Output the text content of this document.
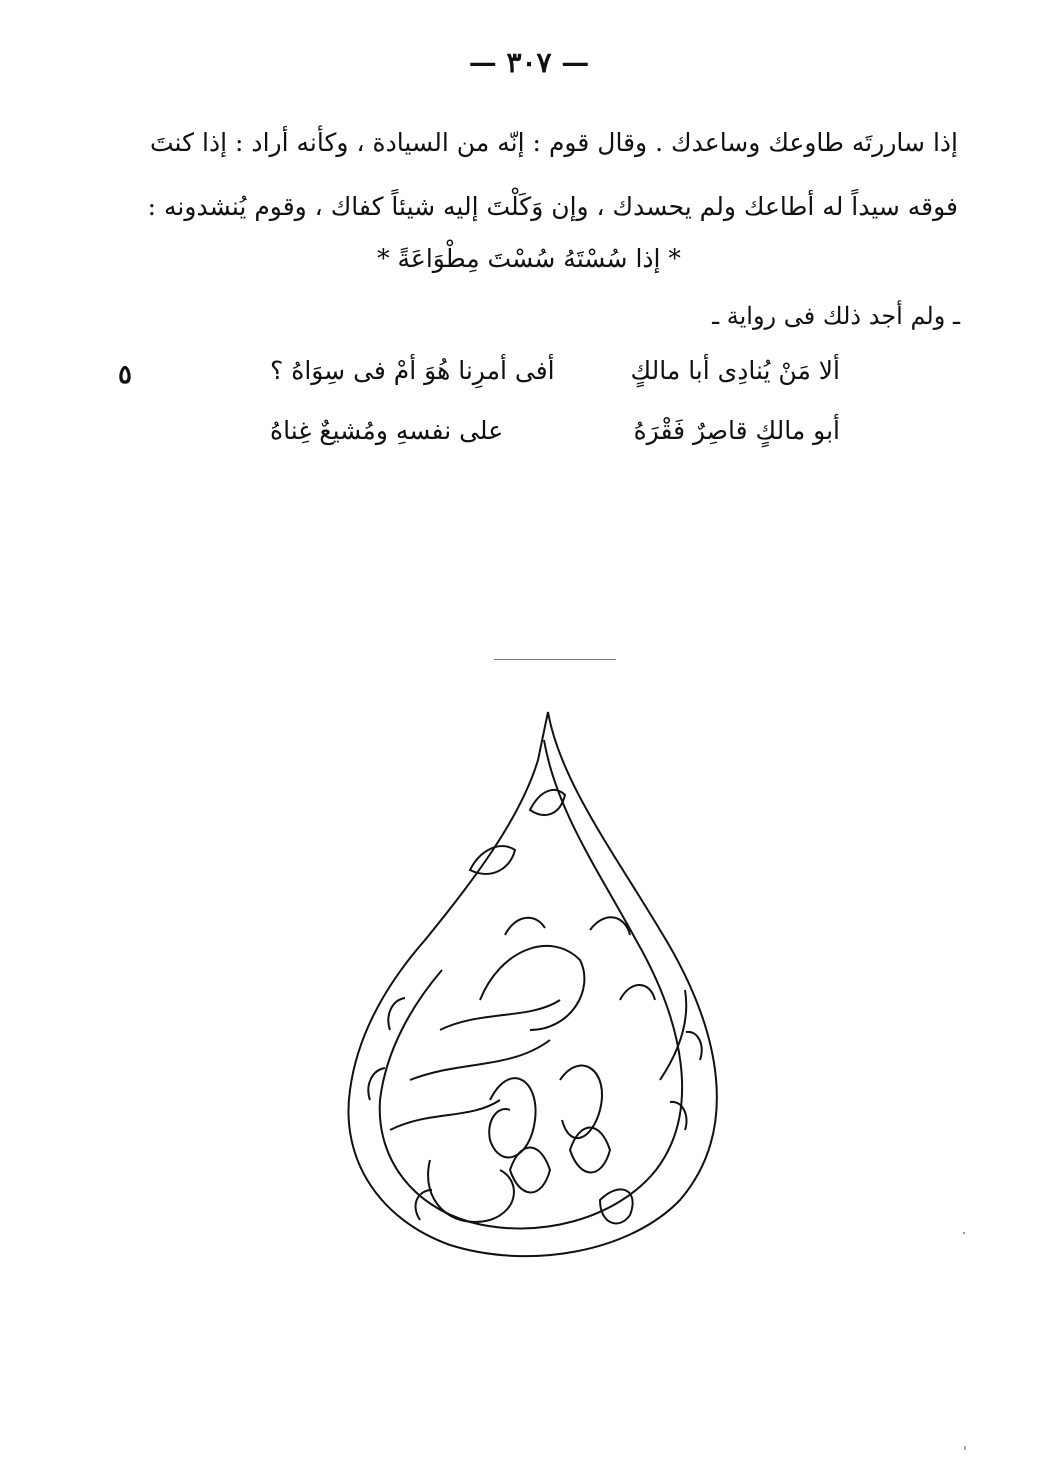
— ٣٠٧ —
إذا ساررتَه طاوعك وساعدك . وقال قوم : إنّه من السيادة ، وكأنه أراد : إذا كنتَ
فوقه سيداً له أطاعك ولم يحسدك ، وإن وَكَلْتَ إليه شيئاً كفاك ، وقوم يُنشدونه :
* إذا سُسْتَهُ سُسْتَ مِطْوَاعَةً *
ـ ولم أجد ذلك فى رواية ـ
٥	ألا مَنْ يُنادِى أبا مالكٍ
أفى أمرِنا هُوَ أمْ فى سِوَاهُ ؟
أبو مالكٍ قاصِرٌ فَقْرَهُ
على نفسهِ ومُشيعٌ غِناهُ
